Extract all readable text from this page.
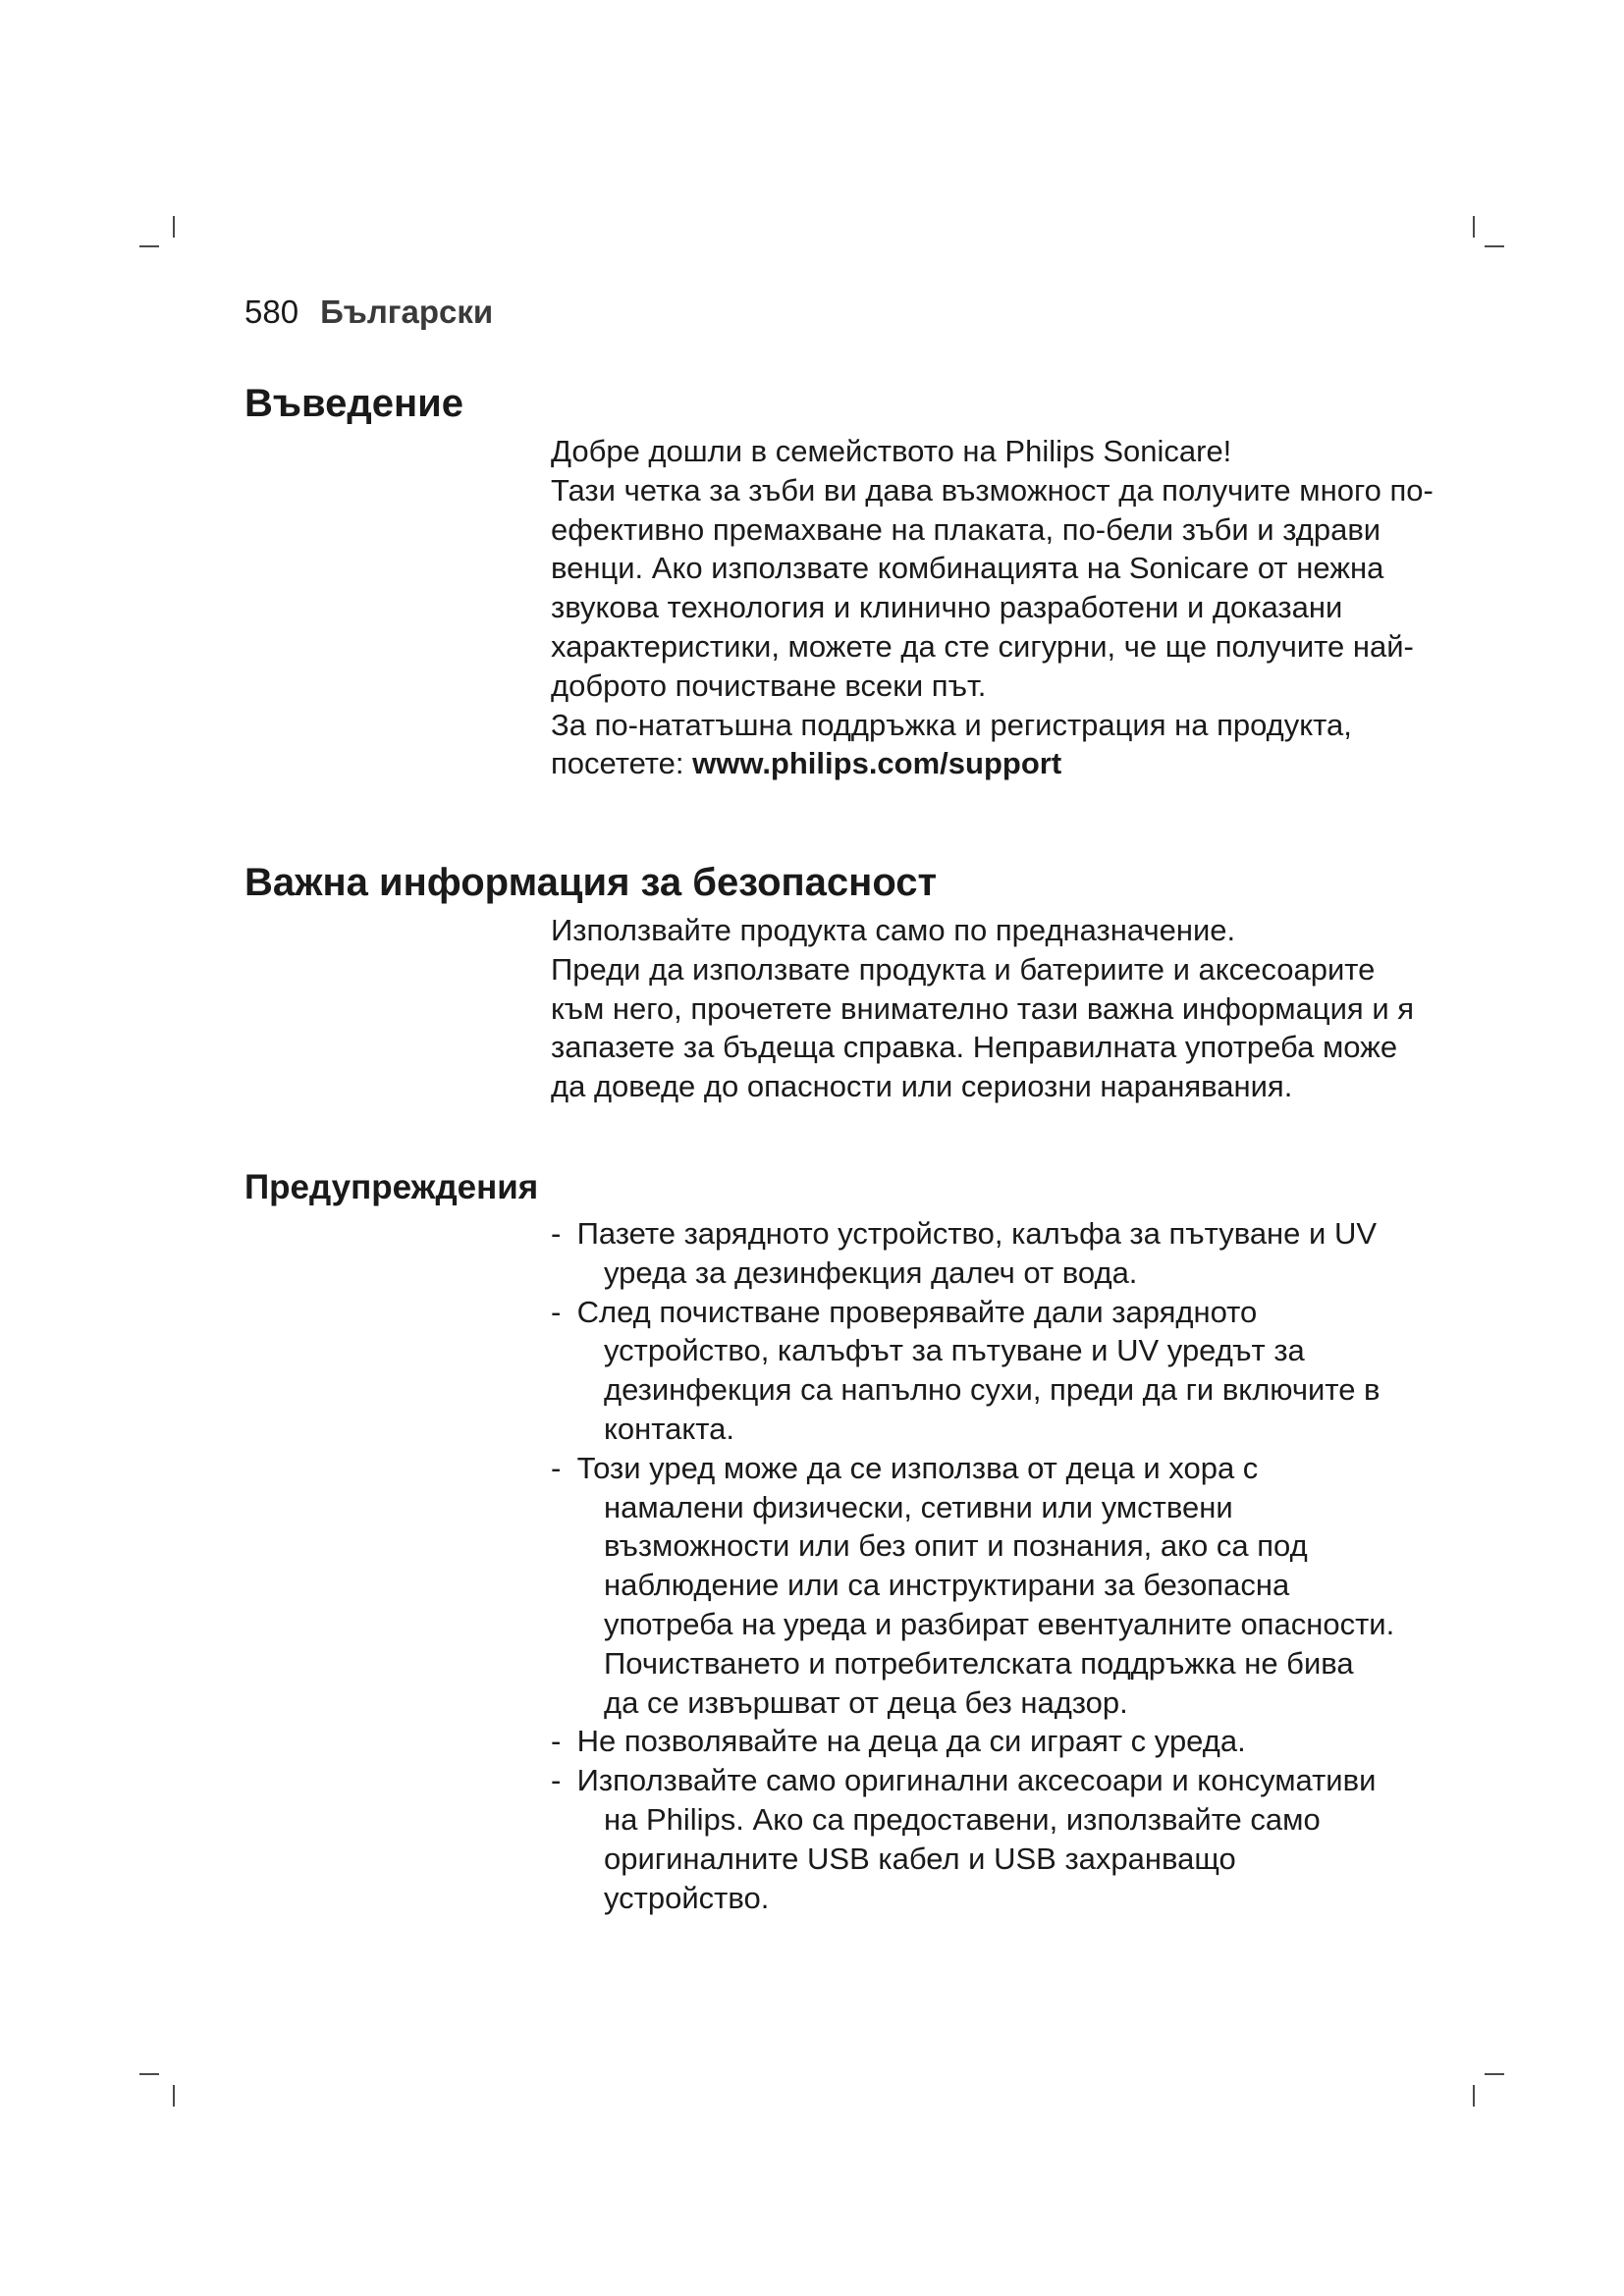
580 Български
Въведение

Добре дошли в семейството на Philips Sonicare!

Тази четка за зъби ви дава възможност да получите много по-ефективно премахване на плаката, по-бели зъби и здрави венци. Ако използвате комбинацията на Sonicare от нежна звукова технология и клинично разработени и доказани характеристики, можете да сте сигурни, че ще получите най-доброто почистване всеки път.

За по-нататъшна поддръжка и регистрация на продукта, посетете: www.philips.com/support

Важна информация за безопасност

Използвайте продукта само по предназначение.

Преди да използвате продукта и батериите и аксесоарите към него, прочетете внимателно тази важна информация и я запазете за бъдеща справка. Неправилната употреба може да доведе до опасности или сериозни наранявания.

Предупреждения
- Пазете зарядното устройство, калъфа за пътуване и UV уреда за дезинфекция далеч от вода.
- След почистване проверявайте дали зарядното устройство, калъфът за пътуване и UV уредът за дезинфекция са напълно сухи, преди да ги включите в контакта.
- Този уред може да се използва от деца и хора с намалени физически, сетивни или умствени възможности или без опит и познания, ако са под наблюдение или са инструктирани за безопасна употреба на уреда и разбират евентуалните опасности. Почистването и потребителската поддръжка не бива да се извършват от деца без надзор.
- Не позволявайте на деца да си играят с уреда.
- Използвайте само оригинални аксесоари и консумативи на Philips. Ако са предоставени, използвайте само оригиналните USB кабел и USB захранващо устройство.
